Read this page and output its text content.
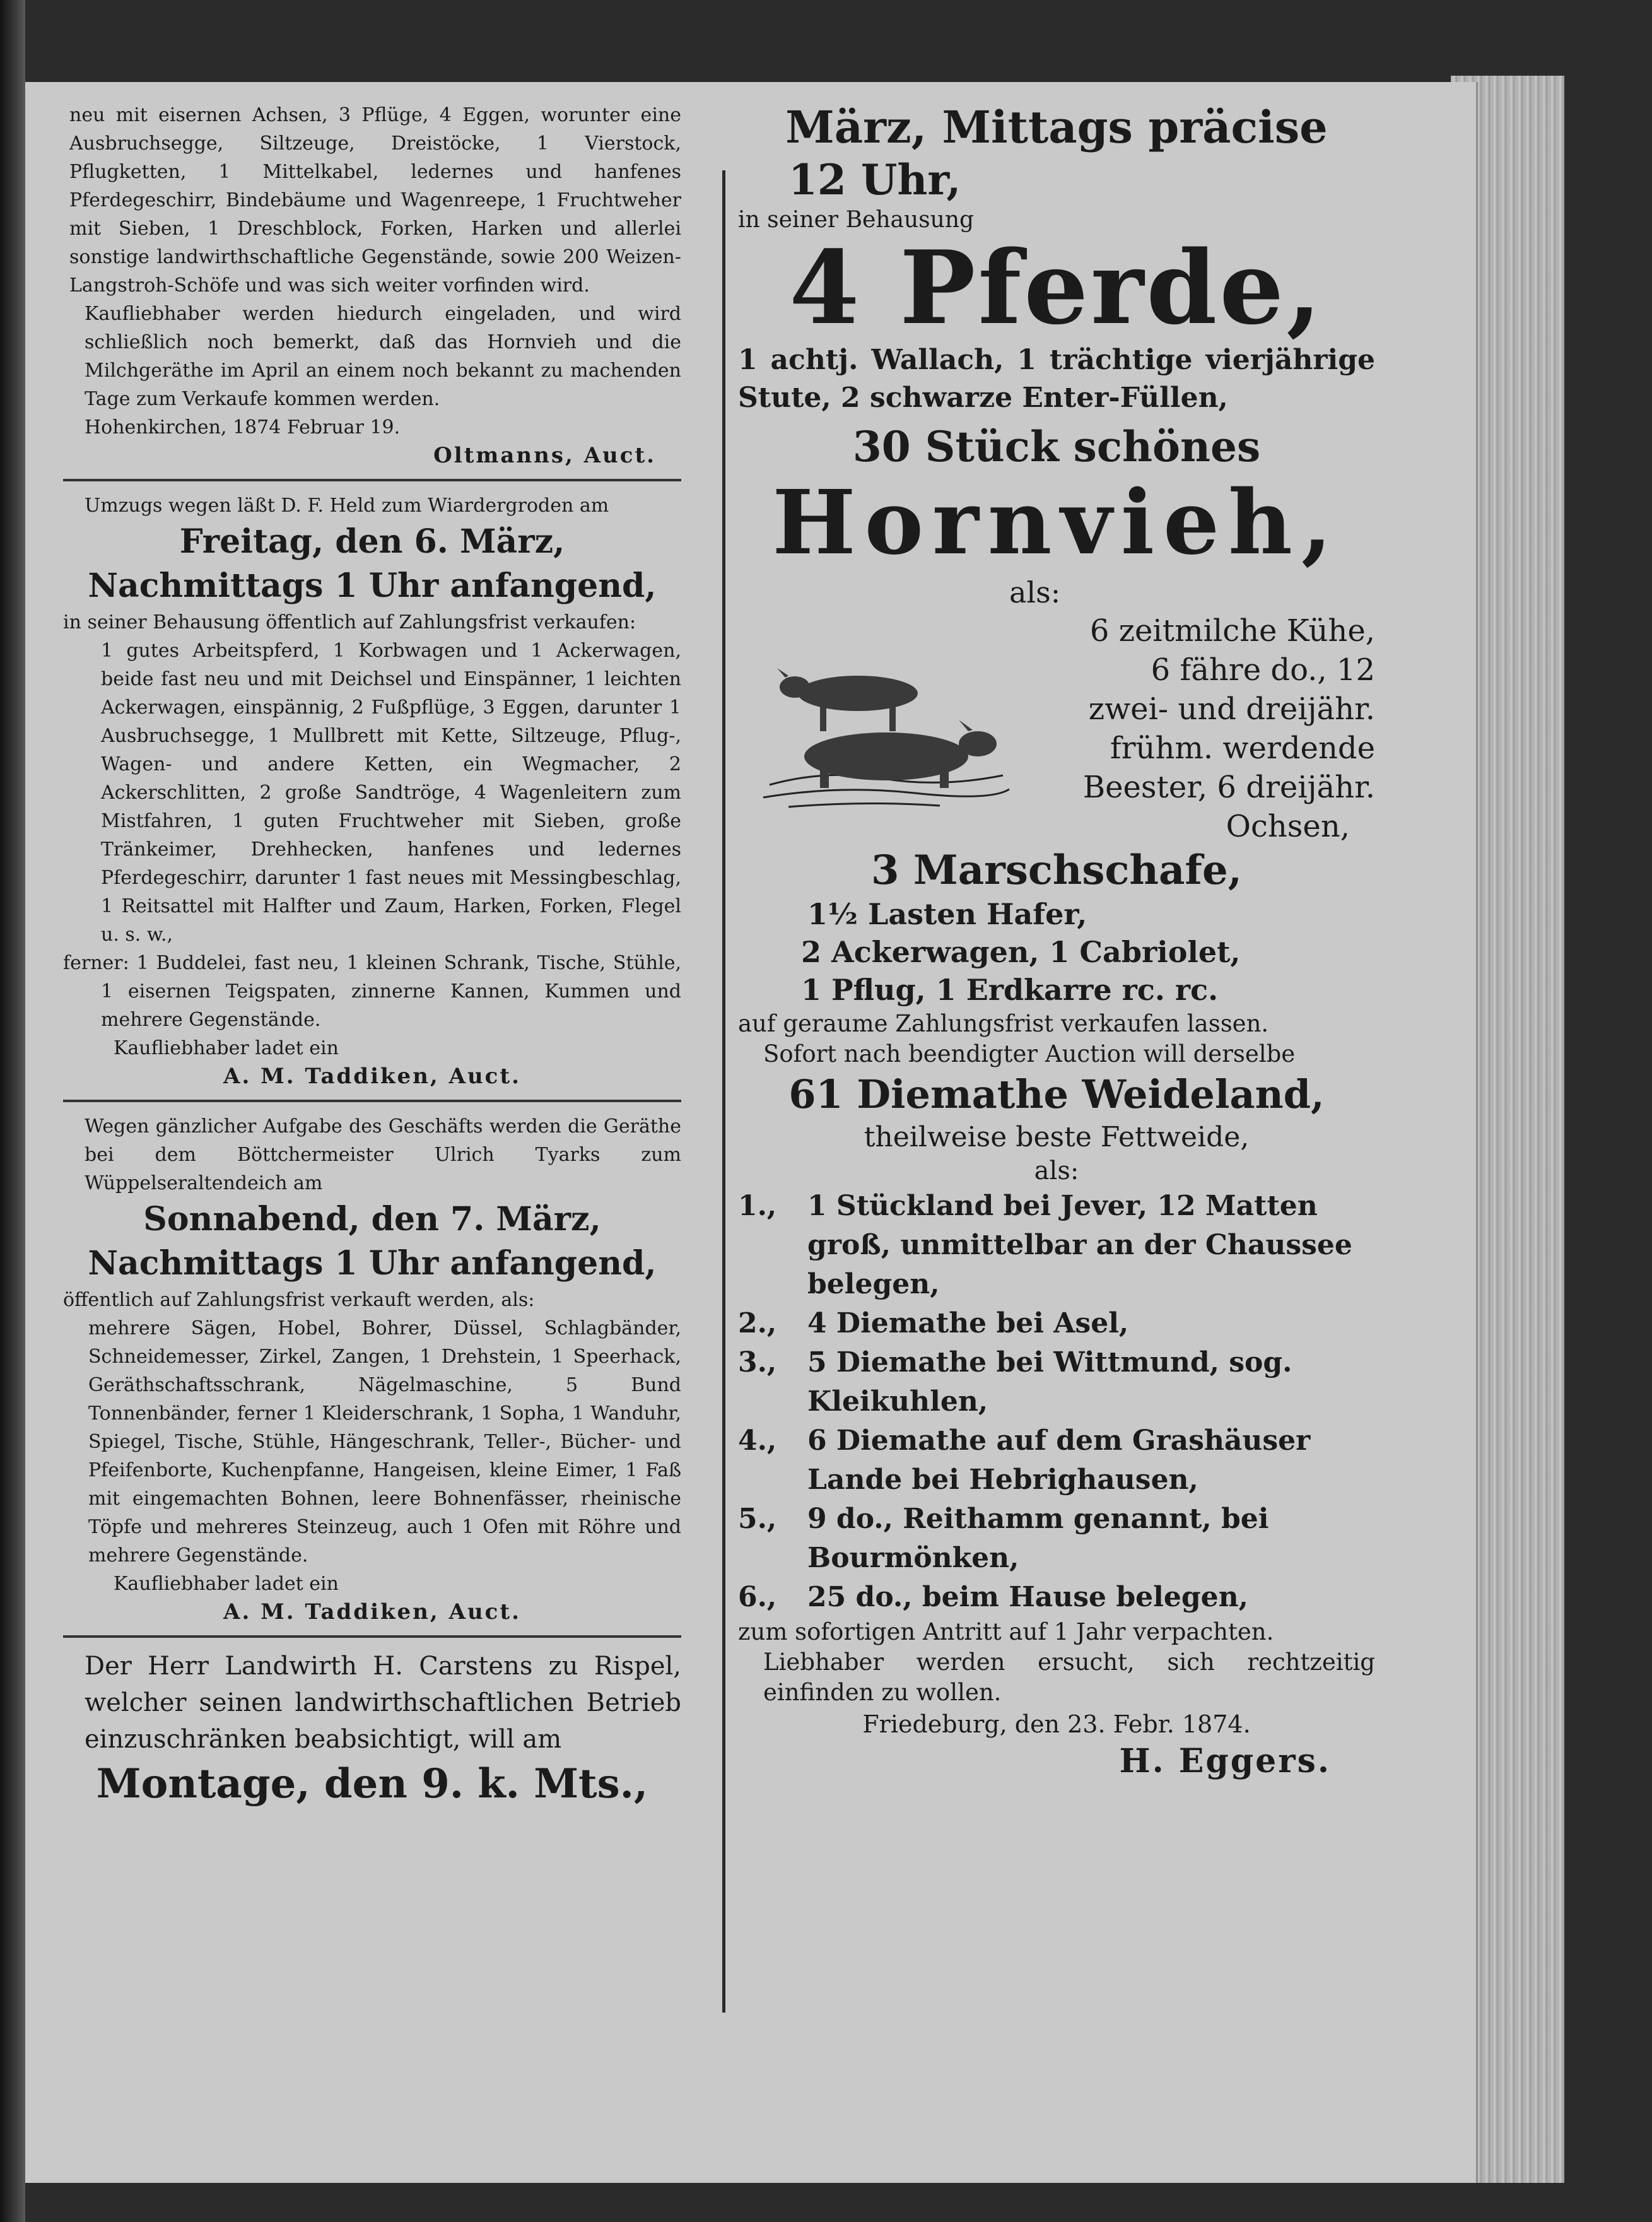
neu mit eisernen Achsen, 3 Pflüge, 4 Eggen, worunter eine Ausbruchsegge, Siltzeuge, Dreistöcke, 1 Vierstock, Pflugketten, 1 Mittelkabel, ledernes und hanfenes Pferdegeschirr, Bindebäume und Wagenreepe, 1 Fruchtweher mit Sieben, 1 Dreschblock, Forken, Harken und allerlei sonstige landwirthschaftliche Gegenstände, sowie 200 Weizen-Langstroh-Schöfe und was sich weiter vorfinden wird.

Kaufliebhaber werden hiedurch eingeladen, und wird schließlich noch bemerkt, daß das Hornvieh und die Milchgeräthe im April an einem noch bekannt zu machenden Tage zum Verkaufe kommen werden.

Hohenkirchen, 1874 Februar 19.

Oltmanns, Auct.

Umzugs wegen läßt D. F. Held zum Wiardergroden am

Freitag, den 6. März,

Nachmittags 1 Uhr anfangend,

in seiner Behausung öffentlich auf Zahlungsfrist verkaufen:

1 gutes Arbeitspferd, 1 Korbwagen und 1 Ackerwagen, beide fast neu und mit Deichsel und Einspänner, 1 leichten Ackerwagen, einspännig, 2 Fußpflüge, 3 Eggen, darunter 1 Ausbruchsegge, 1 Mullbrett mit Kette, Siltzeuge, Pflug-, Wagen- und andere Ketten, ein Wegmacher, 2 Ackerschlitten, 2 große Sandtröge, 4 Wagenleitern zum Mistfahren, 1 guten Fruchtweher mit Sieben, große Tränkeimer, Drehhecken, hanfenes und ledernes Pferdegeschirr, darunter 1 fast neues mit Messingbeschlag, 1 Reitsattel mit Halfter und Zaum, Harken, Forken, Flegel u. s. w.,

ferner: 1 Buddelei, fast neu, 1 kleinen Schrank, Tische, Stühle, 1 eisernen Teigspaten, zinnerne Kannen, Kummen und mehrere Gegenstände.

Kaufliebhaber ladet ein

A. M. Taddiken, Auct.

Wegen gänzlicher Aufgabe des Geschäfts werden die Geräthe bei dem Böttchermeister Ulrich Tyarks zum Wüppelseraltendeich am

Sonnabend, den 7. März,

Nachmittags 1 Uhr anfangend,

öffentlich auf Zahlungsfrist verkauft werden, als:

mehrere Sägen, Hobel, Bohrer, Düssel, Schlagbänder, Schneidemesser, Zirkel, Zangen, 1 Drehstein, 1 Speerhack, Geräthschaftsschrank, Nägelmaschine, 5 Bund Tonnenbänder, ferner 1 Kleiderschrank, 1 Sopha, 1 Wanduhr, Spiegel, Tische, Stühle, Hängeschrank, Teller-, Bücher- und Pfeifenborte, Kuchenpfanne, Hangeisen, kleine Eimer, 1 Faß mit eingemachten Bohnen, leere Bohnenfässer, rheinische Töpfe und mehreres Steinzeug, auch 1 Ofen mit Röhre und mehrere Gegenstände.

Kaufliebhaber ladet ein

A. M. Taddiken, Auct.

Der Herr Landwirth H. Carstens zu Rispel, welcher seinen landwirthschaftlichen Betrieb einzuschränken beabsichtigt, will am

Montage, den 9. k. Mts.,

März, Mittags präcise

12 Uhr,

in seiner Behausung

4 Pferde,

1 achtj. Wallach, 1 trächtige vierjährige Stute, 2 schwarze Enter-Füllen,

30 Stück schönes

Hornvieh,

als:

6 zeitmilche Kühe,

6 fähre do., 12

zwei- und dreijähr.

frühm. werdende

Beester, 6 dreijähr.

Ochsen,

3 Marschschafe,

1½ Lasten Hafer,

2 Ackerwagen, 1 Cabriolet,

1 Pflug, 1 Erdkarre rc. rc.

auf geraume Zahlungsfrist verkaufen lassen.

Sofort nach beendigter Auction will derselbe

61 Diemathe Weideland,

theilweise beste Fettweide,

als:

1.,	1 Stückland bei Jever, 12 Matten groß, unmittelbar an der Chaussee belegen,
2.,	4 Diemathe bei Asel,
3.,	5 Diemathe bei Wittmund, sog. Kleikuhlen,
4.,	6 Diemathe auf dem Grashäuser Lande bei Hebrighausen,
5.,	9 do., Reithamm genannt, bei Bourmönken,
6.,	25 do., beim Hause belegen,

zum sofortigen Antritt auf 1 Jahr verpachten.

Liebhaber werden ersucht, sich rechtzeitig einfinden zu wollen.

Friedeburg, den 23. Febr. 1874.

H. Eggers.
